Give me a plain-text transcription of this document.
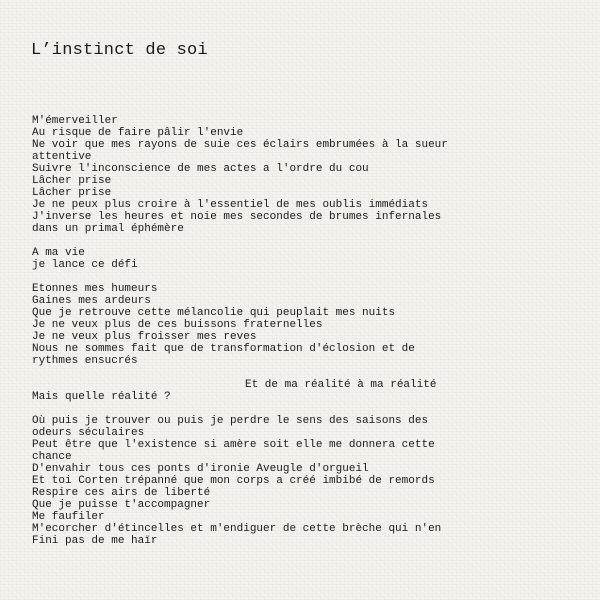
L’instinct de soi
M'émerveiller
Au risque de faire pâlir l'envie
Ne voir que mes rayons de suie ces éclairs embrumées à la sueur
attentive
Suivre l'inconscience de mes actes a l'ordre du cou
Lâcher prise
Lâcher prise
Je ne peux plus croire à l'essentiel de mes oublis immédiats
J'inverse les heures et noie mes secondes de brumes infernales
dans un primal éphémère
A ma vie
je lance ce défi
Etonnes mes humeurs
Gaines mes ardeurs
Que je retrouve cette mélancolie qui peuplait mes nuits
Je ne veux plus de ces buissons fraternelles
Je ne veux plus froisser mes reves
Nous ne sommes fait que de transformation d'éclosion et de
rythmes ensucrés
Et de ma réalité à ma réalité
Mais quelle réalité ?
Où puis je trouver ou puis je perdre le sens des saisons des
odeurs séculaires
Peut être que l'existence si amère soit elle me donnera cette
chance
D'envahir tous ces ponts d'ironie Aveugle d'orgueil
Et toi Corten trépanné que mon corps a créé imbibé de remords
Respire ces airs de liberté
Que je puisse t'accompagner
Me faufiler
M'ecorcher d'étincelles et m'endiguer de cette brèche qui n'en
Fini pas de me haïr
